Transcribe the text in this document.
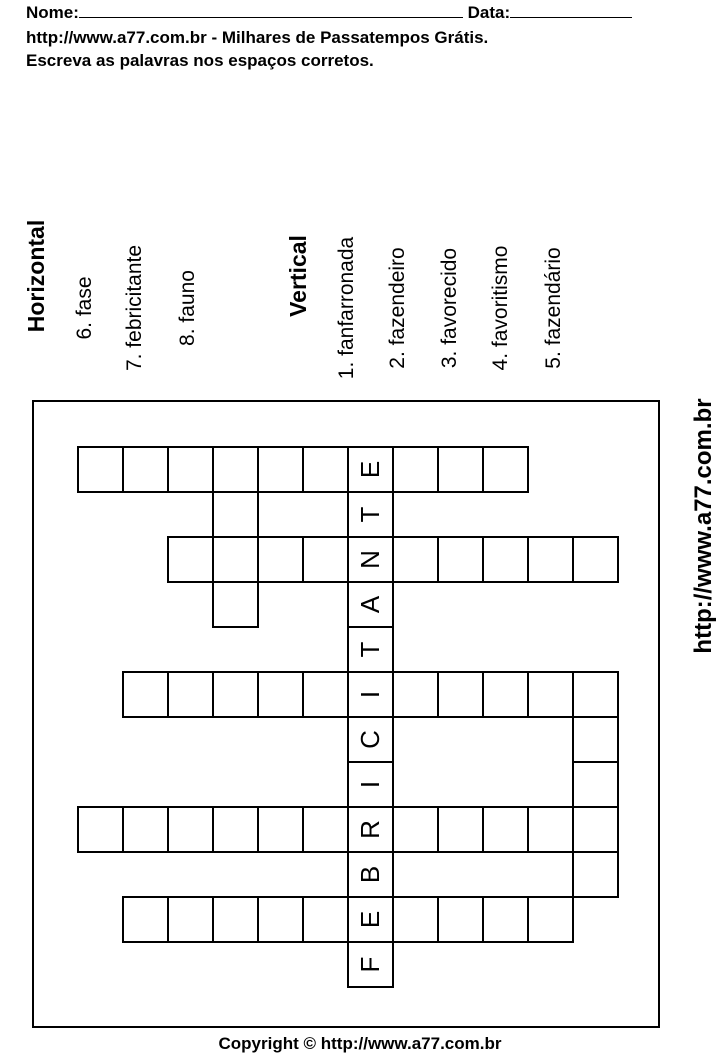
Nome:	Data:
http://www.a77.com.br - Milhares de Passatempos Grátis.
Escreva as palavras nos espaços corretos.
Horizontal 6. fase 7. febricitante 8. fauno	Vertical 1. fanfarronada 2. fazendeiro 3. favorecido 4. favoritismo 5. fazendário
E
T
N
A
T
I
C
I
R
B
E
F
http://www.a77.com.br
Copyright © http://www.a77.com.br
